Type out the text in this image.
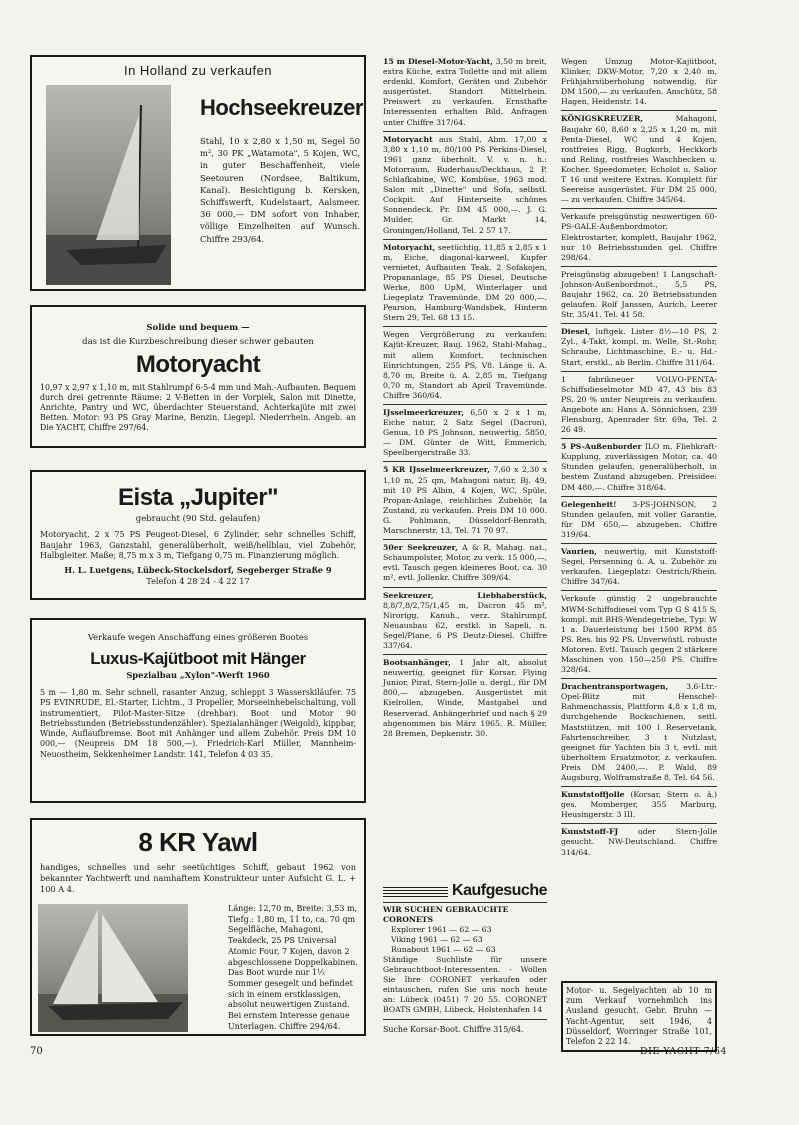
In Holland zu verkaufen
Hochseekreuzer
Stahl, 10 x 2,80 x 1,50 m, Segel 50 m², 30 PK „Watamota", 5 Kojen, WC, in guter Beschaffenheit, viele Seetouren (Nordsee, Baltikum, Kanal). Besichtigung b. Kersken, Schiffswerft, Kudelstaart, Aalsmeer. 36 000,— DM sofort von Inhaber, völlige Einzelheiten auf Wunsch. Chiffre 293/64.
Solide und bequem —
das ist die Kurzbeschreibung dieser schwer gebauten
Motoryacht
10,97 x 2,97 x 1,10 m, mit Stahlrumpf 6-5-4 mm und Mah.-Aufbauten. Bequem durch drei getrennte Räume: 2 V-Betten in der Vorpiek, Salon mit Dinette, Anrichte, Pantry und WC, überdachter Steuerstand, Achterkajüte mit zwei Betten. Motor: 93 PS Gray Marine, Benzin. Liegepl. Niederrhein. Angeb. an Die YACHT, Chiffre 297/64.
Eista „Jupiter"
gebraucht (90 Std. gelaufen)
Motoryacht, 2 x 75 PS Peugeot-Diesel, 6 Zylinder, sehr schnelles Schiff, Baujahr 1963, Ganzstahl, generalüberholt, weiß/hellblau, viel Zubehör, Halbgleiter. Maße; 8,75 m x 3 m, Tiefgang 0,75 m. Finanzierung möglich.
H. L. Luetgens, Lübeck-Stockelsdorf, Segeberger Straße 9
Telefon 4 28 24 - 4 22 17
Verkaufe wegen Anschaffung eines größeren Bootes
Luxus-Kajütboot mit Hänger
Spezialbau „Xylon"-Werft 1960
5 m — 1,80 m. Sehr schnell, rasanter Anzug, schleppt 3 Wasserskiläufer. 75 PS EVINRUDE, El.-Starter, Lichtm., 3 Propeller, Morseeinhebelschaltung, voll instrumentiert, Pilot-Master-Sitze (drehbar). Boot und Motor 90 Betriebsstunden (Betriebsstundenzähler). Spezialanhänger (Weigold), kippbar, Winde, Auflaufbremse. Boot mit Anhänger und allem Zubehör. Preis DM 10 000,— (Neupreis DM 18 500,—). Friedrich-Karl Müller, Mannheim-Neuostheim, Sekkenheimer Landstr. 141, Telefon 4 03 35.
8 KR Yawl
handiges, schnelles und sehr seetüchtiges Schiff, gebaut 1962 von bekannter Yachtwerft und namhaftem Konstrukteur unter Aufsicht G. L. + 100 A 4.
Länge: 12,70 m, Breite: 3,53 m, Tiefg.: 1,80 m, 11 to, ca. 70 qm Segelfläche, Mahagoni, Teakdeck, 25 PS Universal Atomic Four, 7 Kojen, davon 2 abgeschlossene Doppelkabinen. Das Boot wurde nur 1½ Sommer gesegelt und befindet sich in einem erstklassigen, absolut neuwertigen Zustand. Bei ernstem Interesse genaue Unterlagen. Chiffre 294/64.
70
15 m Diesel-Motor-Yacht, 3,50 m breit, extra Küche, extra Toilette und mit allem erdenkl. Komfort, Geräten und Zubehör ausgerüstet. Standort Mittelrhein. Preiswert zu verkaufen. Ernsthafte Interessenten erhalten Bild. Anfragen unter Chiffre 317/64.
Motoryacht aus Stahl, Abm. 17,00 x 3,80 x 1,10 m, 80/100 PS Perkins-Diesel, 1961 ganz überholt. V. v. n. h.: Motorraum, Ruderhaus/Deckhaus, 2 P. Schlafkabine, WC, Kombüse, 1963 mod. Salon mit „Dinette" und Sofa, selbstl. Cockpit. Auf Hinterseite schönes Sonnendeck. Pr. DM 45 000,—. J. G. Mulder, Gr. Markt 14, Groningen/Holland, Tel. 2 57 17.
Motoryacht, seetüchtig, 11,85 x 2,85 x 1 m, Eiche, diagonal-karweel, Kupfer vernietet, Aufbauten Teak, 2 Sofakojen, Propananlage, 85 PS Diesel, Deutsche Werke, 800 UpM, Winterlager und Liegeplatz Travemünde, DM 20 000,—. Pearson, Hamburg-Wandsbek, Hinterm Stern 29, Tel. 68 13 15.
Wegen Vergrößerung zu verkaufen: Kajüt-Kreuzer, Bauj. 1962, Stahl-Mahag., mit allem Komfort, technischen Einrichtungen, 255 PS, V8. Länge ü. A. 8,70 m, Breite ü. A. 2,85 m, Tiefgang 0,70 m, Standort ab April Travemünde. Chiffre 360/64.
IJsselmeerkreuzer, 6,50 x 2 x 1 m, Eiche natur, 2 Satz Segel (Dacron), Genua, 10 PS Johnson, neuwertig, 5850,— DM. Günter de Witt, Emmerich, Speelbergerstraße 33.
5 KR IJsselmeerkreuzer, 7,60 x 2,30 x 1,10 m, 25 qm, Mahagoni natur, Bj. 49, mit 10 PS Albin, 4 Kojen, WC, Spüle, Propan-Anlage, reichliches Zubehör, Ia Zustand, zu verkaufen. Preis DM 10 000. G. Pohlmann, Düsseldorf-Benrath, Marschnerstr. 13, Tel. 71 70 97.
50er Seekreuzer, A & R, Mahag. nat., Schaumpolster, Motor, zu verk. 15 000,—, evtl. Tausch gegen kleineres Boot, ca. 30 m², evtl. Jollenkr. Chiffre 309/64.
Seekreuzer, Liebhaberstück, 8,8/7,8/2,75/1,45 m, Dacron 45 m², Nirorigg, Kanuh., verz. Stahlrumpf, Neuausbau 62, erstkl. in Sapeli, n. Segel/Plane, 6 PS Deutz-Diesel. Chiffre 337/64.
Bootsanhänger, 1 Jahr alt, absolut neuwertig, geeignet für Korsar, Flying Junior, Pirat, Stern-Jolle u. dergl., für DM 800,— abzugeben. Ausgerüstet mit Kielrollen, Winde, Mastgabel und Reserverad. Anhängerbrief und nach § 29 abgenommen bis März 1965. R. Müller, 28 Bremen, Depkenstr. 30.
Kaufgesuche
WIR SUCHEN GEBRAUCHTE CORONETS
Explorer 1961 — 62 — 63
Viking 1961 — 62 — 63
Runabout 1961 — 62 — 63
Ständige Suchliste für unsere Gebrauchtboot-Interessenten. - Wollen Sie Ihre CORONET verkaufen oder eintauschen, rufen Sie uns noch heute an: Lübeck (0451) 7 20 55. CORONET BOATS GMBH, Lübeck, Holstenhafen 14
Suche Korsar-Boot. Chiffre 315/64.
Wegen Umzug Motor-Kajütboot, Klinker, DKW-Motor, 7,20 x 2,40 m, Frühjahrsüberholung notwendig, für DM 1500,— zu verkaufen. Anschütz, 58 Hagen, Heidenstr. 14.
KÖNIGSKREUZER, Mahagoni, Baujahr 60, 8,60 x 2,25 x 1,20 m, mit Penta-Diesel, WC und 4 Kojen, rostfreies Rigg, Bugkorb, Heckkorb und Reling, rostfreies Waschbecken u. Kocher. Speedometer, Echolot u. Salior T 16 und weitere Extras. Komplett für Seereise ausgerüstet. Für DM 25 000,— zu verkaufen. Chiffre 345/64.
Verkaufe preisgünstig neuwertigen 60-PS-GALE-Außenbordmotor, Elektrostarter, komplett, Baujahr 1962, nur 10 Betriebsstunden gel. Chiffre 298/64.
Preisgünstig abzugeben! 1 Langschaft-Johnson-Außenbordmot., 5,5 PS, Baujahr 1962, ca. 20 Betriebsstunden gelaufen. Rolf Janssen, Aurich, Leerer Str. 35/41. Tel. 41 58.
Diesel, luftgek. Lister 8½—10 PS, 2 Zyl., 4-Takt, kompl. m. Welle, St.-Rohr, Schraube, Lichtmaschine, E.- u. Hd.-Start, erstkl., ab Berlin. Chiffre 311/64.
1 fabrikneuer VOLVO-PENTA-Schiffsdieselmotor MD 47, 43 bis 83 PS, 20 % unter Neupreis zu verkaufen. Angebote an: Hans A. Sönnichsen, 239 Flensburg, Apenrader Str. 69a, Tel. 2 26 49.
5 PS-Außenborder ILO m. Fliehkraft-Kupplung, zuverlässigen Motor, ca. 40 Stunden gelaufen, generalüberholt, in bestem Zustand abzugeben. Preisidee: DM 480,—. Chiffre 318/64.
Gelegenheit! 3-PS-JOHNSON, 2 Stunden gelaufen, mit voller Garantie, für DM 650,— abzugeben. Chiffre 319/64.
Vaurien, neuwertig, mit Kunststoff-Segel, Persenning ü. A. u. Zubehör zu verkaufen. Liegeplatz: Oestrich/Rhein. Chiffre 347/64.
Verkaufe günstig 2 ungebrauchte MWM-Schiffsdiesel vom Typ G S 415 S, kompl. mit BHS-Wendegetriebe, Typ: W 1 a. Dauerleistung bei 1500 RPM 85 PS. Res. bis 92 PS. Unverwüstl. robuste Motoren. Evtl. Tausch gegen 2 stärkere Maschinen von 150—250 PS. Chiffre 328/64.
Drachentransportwagen, 3,6-Ltr.-Opel-Blitz mit Henschel-Rahmenchassis, Plattform 4,8 x 1,8 m, durchgehende Bockschienen, seitl. Maststützen, mit 100 l Reservetank, Fahrtenschreiber, 3 t Nutzlast, geeignet für Yachten bis 3 t, evtl. mit überholtem Ersatzmotor, z. verkaufen. Preis DM 2400,—. P. Wald, 89 Augsburg, Wolframstraße 8, Tel. 64 56.
Kunststoffjolle (Korsar, Stern o. ä.) ges. Momberger, 355 Marburg, Heusingerstr. 3 III.
Kunststoff-FJ oder Stern-Jolle gesucht. NW-Deutschland. Chiffre 314/64.
Motor- u. Segelyachten ab 10 m zum Verkauf vornehmlich ins Ausland gesucht. Gebr. Bruhn — Yacht-Agentur, seit 1946, 4 Düsseldorf, Worringer Straße 101, Telefon 2 22 14.
DIE YACHT 7/64
